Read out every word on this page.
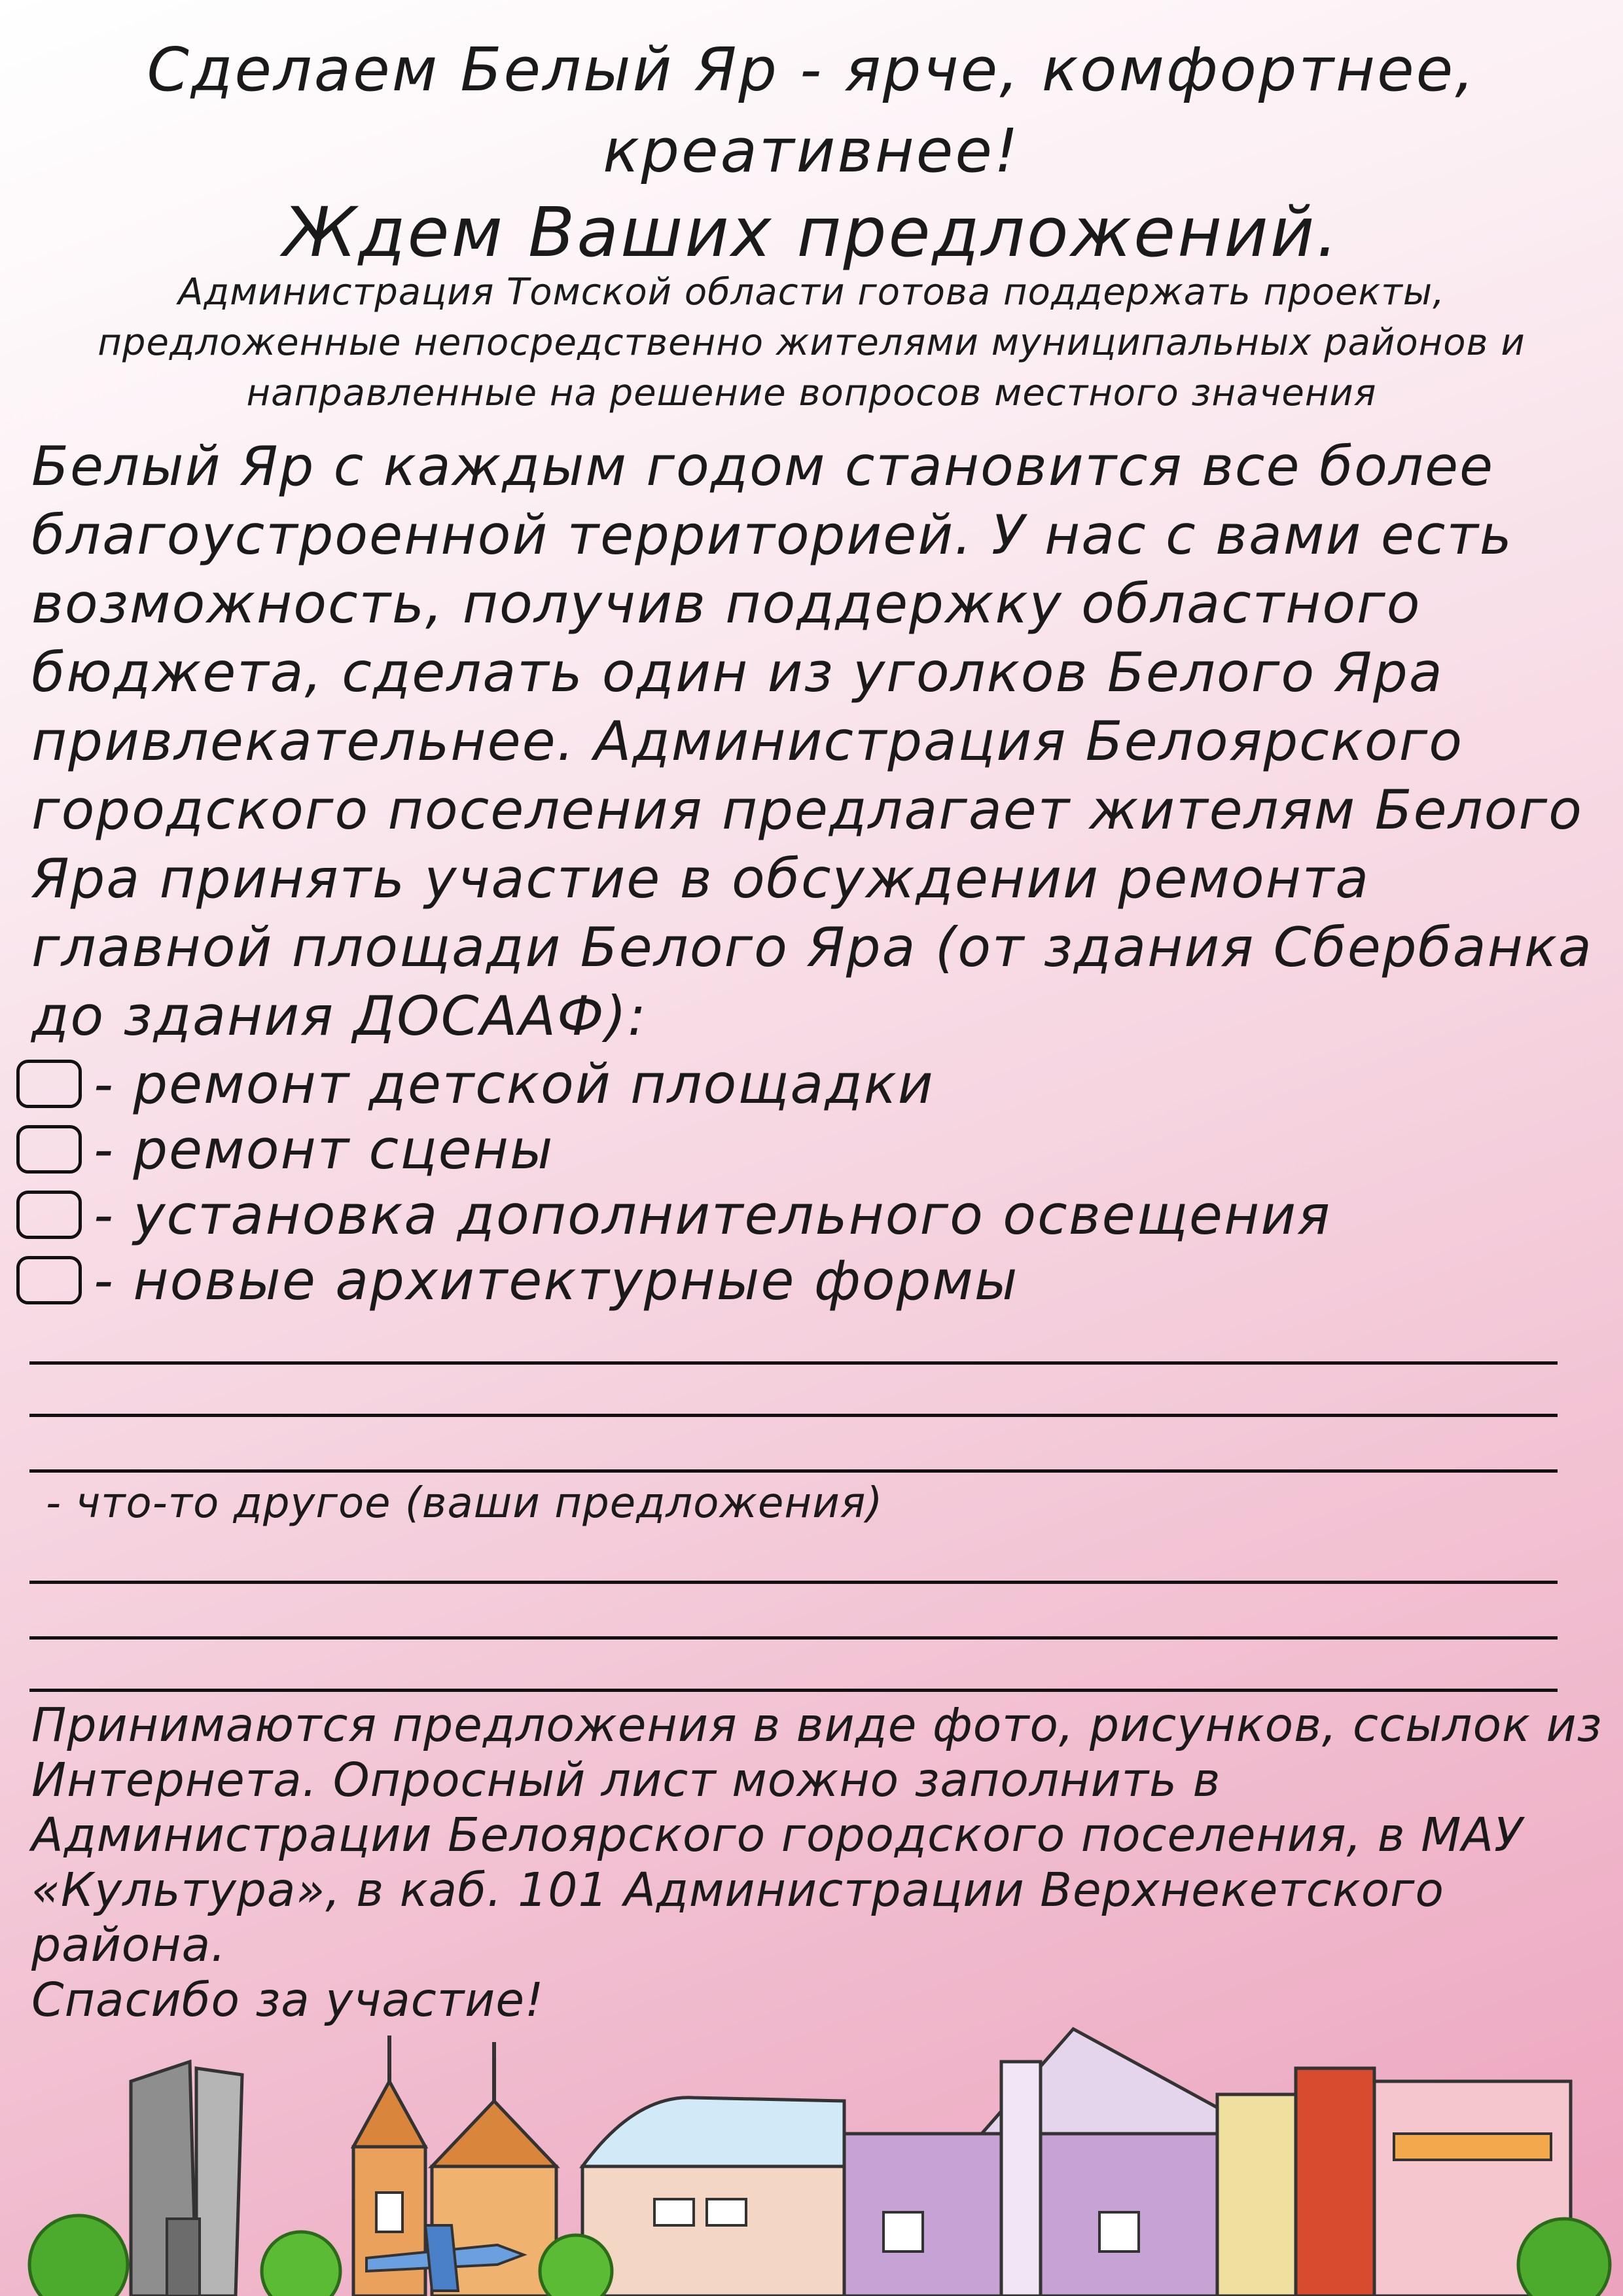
Сделаем Белый Яр - ярче, комфортнее,
креативнее!
Ждем Ваших предложений.

Администрация Томской области готова поддержать проекты, предложенные непосредственно жителями муниципальных районов и направленные на решение вопросов местного значения

Белый Яр с каждым годом становится все более благоустроенной территорией. У нас с вами есть возможность, получив поддержку областного бюджета, сделать один из уголков Белого Яра привлекательнее. Администрация Белоярского городского поселения предлагает жителям Белого Яра принять участие в обсуждении ремонта главной площади Белого Яра (от здания Сбербанка до здания ДОСААФ):

- ремонт детской площадки
- ремонт сцены
- установка дополнительного освещения
- новые архитектурные формы
- что-то другое (ваши предложения)
Принимаются предложения в виде фото, рисунков, ссылок из
Интернета. Опросный лист можно заполнить в
Администрации Белоярского городского поселения, в МАУ
«Культура», в каб. 101 Администрации Верхнекетского
района.
Спасибо за участие!
